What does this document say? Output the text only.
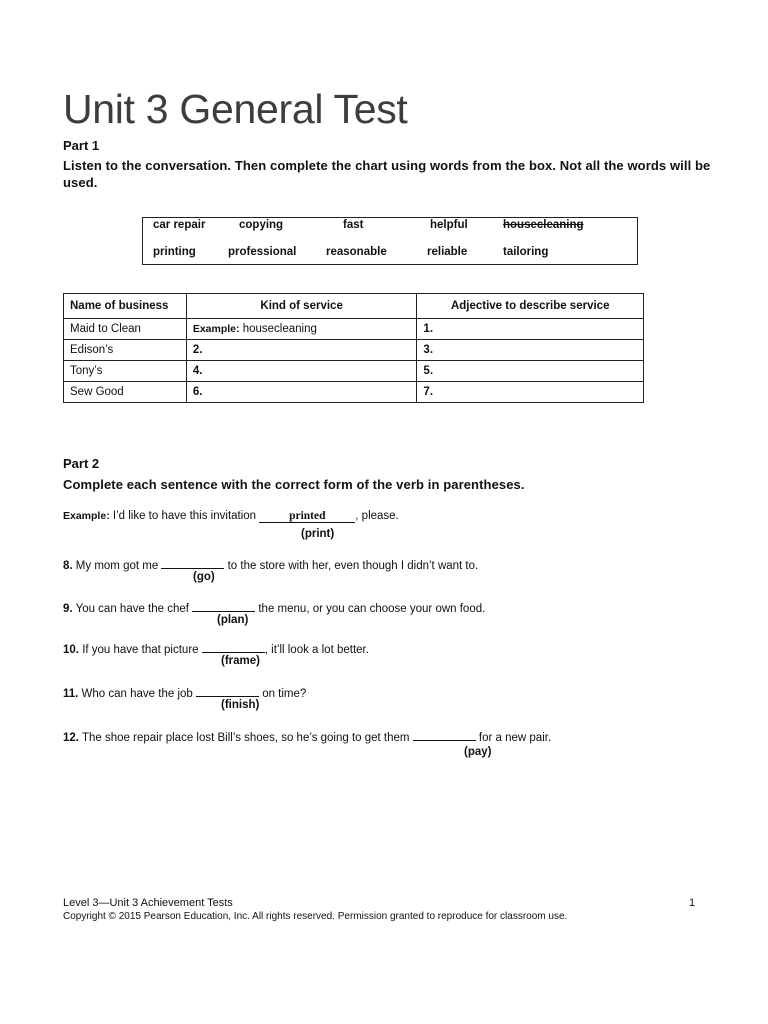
Unit 3 General Test
Part 1
Listen to the conversation. Then complete the chart using words from the box. Not all the words will be used.
car repair	copying	fast	helpful	housecleaning
printing	professional	reasonable	reliable	tailoring
Name of business	Kind of service	Adjective to describe service
Maid to Clean	Example: housecleaning	1.
Edison’s	2.	3.
Tony’s	4.	5.
Sew Good	6.	7.
Part 2
Complete each sentence with the correct form of the verb in parentheses.
Example: I’d like to have this invitation	printed	, please.
(print)
8. My mom got me	to the store with her, even though I didn’t want to.
(go)
9. You can have the chef	the menu, or you can choose your own food.
(plan)
10. If you have that picture	, it’ll look a lot better.
(frame)
11. Who can have the job	on time?
(finish)
12. The shoe repair place lost Bill’s shoes, so he’s going to get them	for a new pair.
(pay)
Level 3—Unit 3 Achievement Tests	1
Copyright © 2015 Pearson Education, Inc. All rights reserved. Permission granted to reproduce for classroom use.
